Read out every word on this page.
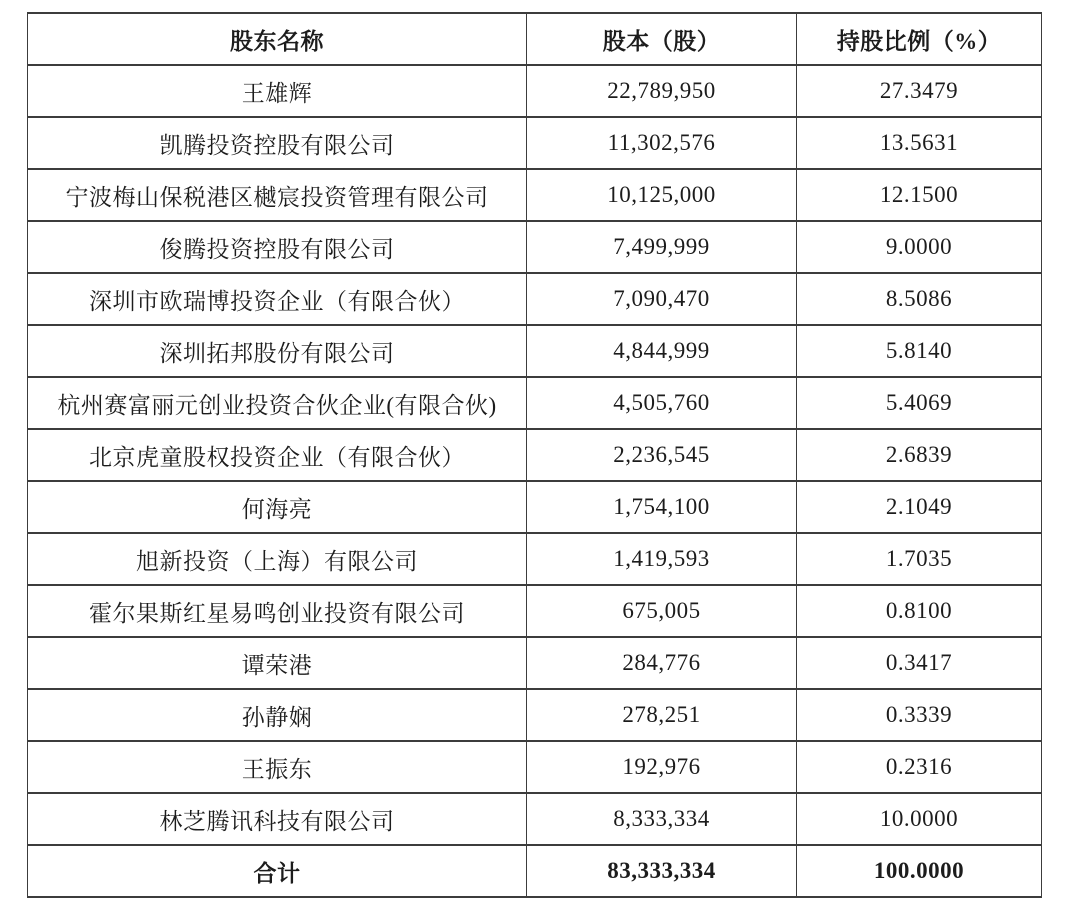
股东名称	股本（股）	持股比例（%）
王雄辉	22,789,950	27.3479
凯腾投资控股有限公司	11,302,576	13.5631
宁波梅山保税港区樾宸投资管理有限公司	10,125,000	12.1500
俊腾投资控股有限公司	7,499,999	9.0000
深圳市欧瑞博投资企业（有限合伙）	7,090,470	8.5086
深圳拓邦股份有限公司	4,844,999	5.8140
杭州赛富丽元创业投资合伙企业(有限合伙)	4,505,760	5.4069
北京虎童股权投资企业（有限合伙）	2,236,545	2.6839
何海亮	1,754,100	2.1049
旭新投资（上海）有限公司	1,419,593	1.7035
霍尔果斯红星易鸣创业投资有限公司	675,005	0.8100
谭荣港	284,776	0.3417
孙静娴	278,251	0.3339
王振东	192,976	0.2316
林芝腾讯科技有限公司	8,333,334	10.0000
合计	83,333,334	100.0000
